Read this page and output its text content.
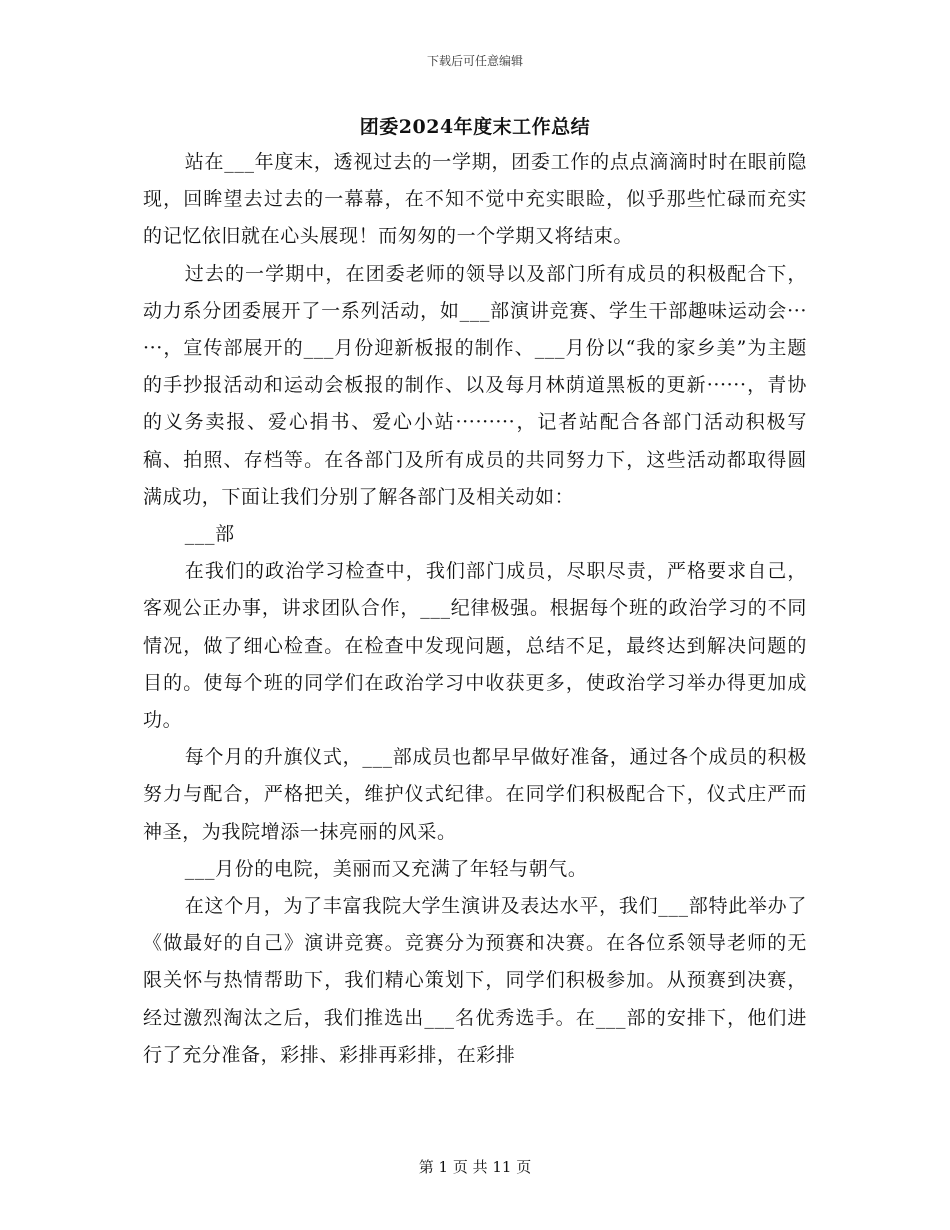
下载后可任意编辑
团委2024年度末工作总结

站在___年度末，透视过去的一学期，团委工作的点点滴滴时时在眼前隐现，回眸望去过去的一幕幕，在不知不觉中充实眼睑，似乎那些忙碌而充实的记忆依旧就在心头展现！而匆匆的一个学期又将结束。

过去的一学期中，在团委老师的领导以及部门所有成员的积极配合下，动力系分团委展开了一系列活动，如___部演讲竞赛、学生干部趣味运动会······，宣传部展开的___月份迎新板报的制作、___月份以“我的家乡美”为主题的手抄报活动和运动会板报的制作、以及每月林荫道黑板的更新······，青协的义务卖报、爱心捐书、爱心小站·········，记者站配合各部门活动积极写稿、拍照、存档等。在各部门及所有成员的共同努力下，这些活动都取得圆满成功，下面让我们分别了解各部门及相关动如：

___部

在我们的政治学习检查中，我们部门成员，尽职尽责，严格要求自己，客观公正办事，讲求团队合作，___纪律极强。根据每个班的政治学习的不同情况，做了细心检查。在检查中发现问题，总结不足，最终达到解决问题的目的。使每个班的同学们在政治学习中收获更多，使政治学习举办得更加成功。

每个月的升旗仪式，___部成员也都早早做好准备，通过各个成员的积极努力与配合，严格把关，维护仪式纪律。在同学们积极配合下，仪式庄严而神圣，为我院增添一抹亮丽的风采。

___月份的电院，美丽而又充满了年轻与朝气。

在这个月，为了丰富我院大学生演讲及表达水平，我们___部特此举办了《做最好的自己》演讲竞赛。竞赛分为预赛和决赛。在各位系领导老师的无限关怀与热情帮助下，我们精心策划下，同学们积极参加。从预赛到决赛，经过激烈淘汰之后，我们推选出___名优秀选手。在___部的安排下，他们进行了充分准备，彩排、彩排再彩排，在彩排

第 1 页 共 11 页
